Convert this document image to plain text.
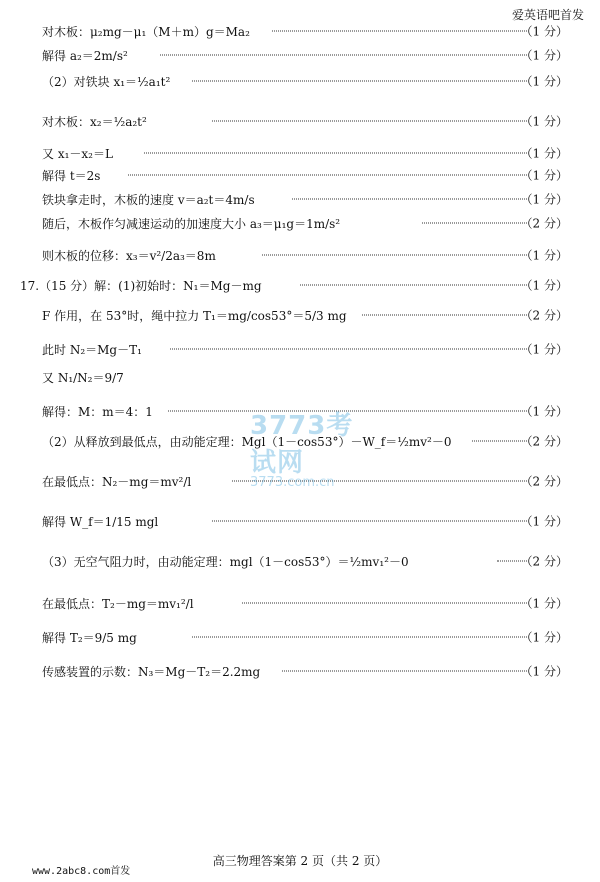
爱英语吧首发
对木板：μ₂mg－μ₁（M＋m）g＝Ma₂	（1 分）
解得 a₂＝2m/s²	（1 分）
（2）对铁块 x₁＝½a₁t²	（1 分）
对木板：x₂＝½a₂t²	（1 分）
又 x₁－x₂＝L	（1 分）
解得 t＝2s	（1 分）
铁块拿走时，木板的速度 v＝a₂t＝4m/s	（1 分）
随后，木板作匀减速运动的加速度大小 a₃＝μ₁g＝1m/s²	（2 分）
则木板的位移：x₃＝v²/2a₃＝8m	（1 分）
17.（15 分）解：(1)初始时：N₁＝Mg－mg	（1 分）
F 作用，在 53°时，绳中拉力 T₁＝mg/cos53°＝5/3 mg	（2 分）
此时 N₂＝Mg－T₁	（1 分）
又 N₁/N₂＝9/7
解得：M：m＝4：1	（1 分）
（2）从释放到最低点，由动能定理：Mgl（1－cos53°）－W_f＝½mv²－0	（2 分）
在最低点：N₂－mg＝mv²/l	（2 分）
解得 W_f＝1/15 mgl	（1 分）
（3）无空气阻力时，由动能定理：mgl（1－cos53°）＝½mv₁²－0	（2 分）
在最低点：T₂－mg＝mv₁²/l	（1 分）
解得 T₂＝9/5 mg	（1 分）
传感装置的示数：N₃＝Mg－T₂＝2.2mg	（1 分）
3773考试网
3773.com.cn
高三物理答案第 2 页（共 2 页）
www.2abc8.com首发
